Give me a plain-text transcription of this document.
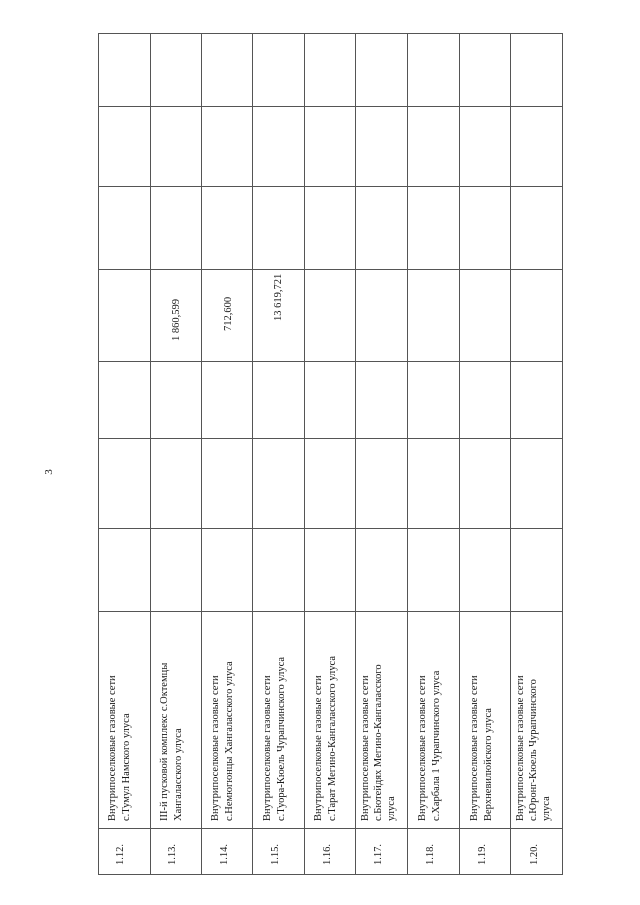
3
1.12.
Внутрипоселковые газовые сети с.Тумул Намского улуса
1.13.
III-й пусковой комплекс с.Октемцы Хангаласского улуса
1 860,599
1.14.
Внутрипоселковые газовые сети с.Немюгюнцы Хангаласского улуса
712,600
1.15.
Внутрипоселковые газовые сети с.Туора-Кюель Чурапчинского улуса
13 619,721
1.16.
Внутрипоселковые газовые сети с.Тарат Мегино-Кангаласского улуса
1.17.
Внутрипоселковые газовые сети с.Бютейдях Мегино-Кангаласского улуса
1.18.
Внутрипоселковые газовые сети с.Харбала 1 Чурапчинского улуса
1.19.
Внутрипоселковые газовые сети Верхневилюйского улуса
1.20.
Внутрипоселковые газовые сети с.Юронг-Кюель Чурапчинского улуса
